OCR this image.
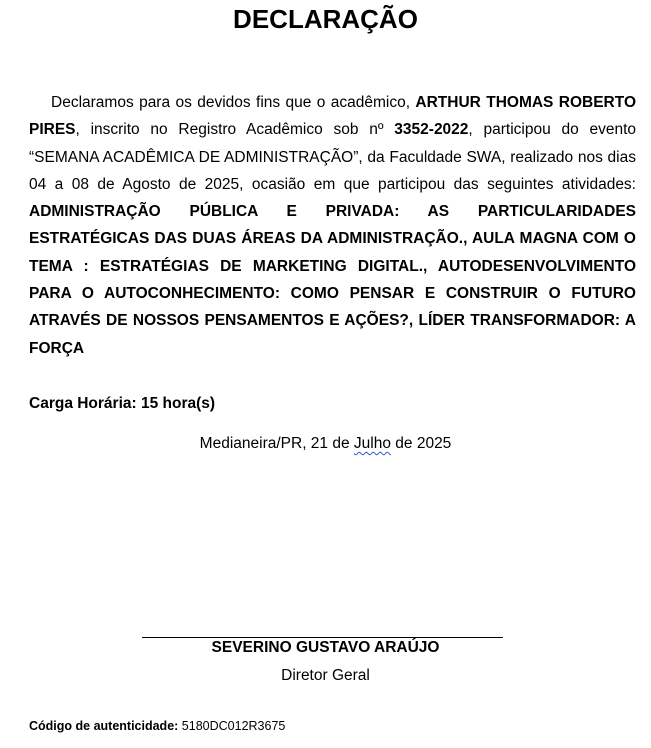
DECLARAÇÃO

Declaramos para os devidos fins que o acadêmico, ARTHUR THOMAS ROBERTO PIRES, inscrito no Registro Acadêmico sob nº 3352-2022, participou do evento “SEMANA ACADÊMICA DE ADMINISTRAÇÃO”, da Faculdade SWA, realizado nos dias 04 a 08 de Agosto de 2025, ocasião em que participou das seguintes atividades: ADMINISTRAÇÃO PÚBLICA E PRIVADA: AS PARTICULARIDADES ESTRATÉGICAS DAS DUAS ÁREAS DA ADMINISTRAÇÃO., AULA MAGNA COM O TEMA : ESTRATÉGIAS DE MARKETING DIGITAL., AUTODESENVOLVIMENTO PARA O AUTOCONHECIMENTO: COMO PENSAR E CONSTRUIR O FUTURO ATRAVÉS DE NOSSOS PENSAMENTOS E AÇÕES?, LÍDER TRANSFORMADOR: A FORÇA

Carga Horária: 15 hora(s)
Medianeira/PR, 21 de Julho de 2025
SEVERINO GUSTAVO ARAÚJO
Diretor Geral
Código de autenticidade: 5180DC012R3675
